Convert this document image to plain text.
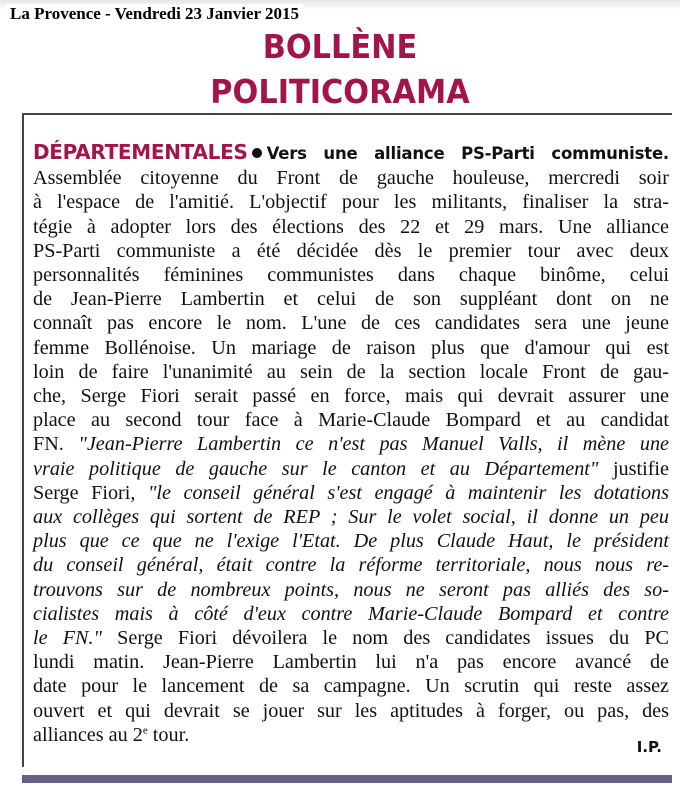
La Provence - Vendredi 23 Janvier 2015
BOLLÈNE
POLITICORAMA
DÉPARTEMENTALES Vers une alliance PS-Parti communiste.
Assemblée citoyenne du Front de gauche houleuse, mercredi soir
à l'espace de l'amitié. L'objectif pour les militants, finaliser la stra-
tégie à adopter lors des élections des 22 et 29 mars. Une alliance
PS-Parti communiste a été décidée dès le premier tour avec deux
personnalités féminines communistes dans chaque binôme, celui
de Jean-Pierre Lambertin et celui de son suppléant dont on ne
connaît pas encore le nom. L'une de ces candidates sera une jeune
femme Bollénoise. Un mariage de raison plus que d'amour qui est
loin de faire l'unanimité au sein de la section locale Front de gau-
che, Serge Fiori serait passé en force, mais qui devrait assurer une
place au second tour face à Marie-Claude Bompard et au candidat
FN. "Jean-Pierre Lambertin ce n'est pas Manuel Valls, il mène une
vraie politique de gauche sur le canton et au Département" justifie
Serge Fiori, "le conseil général s'est engagé à maintenir les dotations
aux collèges qui sortent de REP ; Sur le volet social, il donne un peu
plus que ce que ne l'exige l'Etat. De plus Claude Haut, le président
du conseil général, était contre la réforme territoriale, nous nous re-
trouvons sur de nombreux points, nous ne seront pas alliés des so-
cialistes mais à côté d'eux contre Marie-Claude Bompard et contre
le FN." Serge Fiori dévoilera le nom des candidates issues du PC
lundi matin. Jean-Pierre Lambertin lui n'a pas encore avancé de
date pour le lancement de sa campagne. Un scrutin qui reste assez
ouvert et qui devrait se jouer sur les aptitudes à forger, ou pas, des
alliances au 2e tour.
I.P.
